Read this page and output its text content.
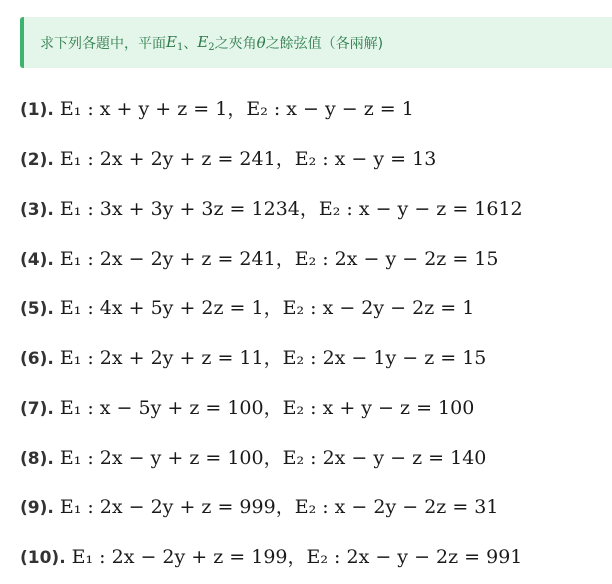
求下列各題中，平面 $E_1$ 、 $E_2$ 之夾角 θ 之餘弦值（各兩解)
(1). E₁ : x + y + z = 1，E₂ : x − y − z = 1
(2). E₁ : 2x + 2y + z = 241，E₂ : x − y = 13
(3). E₁ : 3x + 3y + 3z = 1234，E₂ : x − y − z = 1612
(4). E₁ : 2x − 2y + z = 241，E₂ : 2x − y − 2z = 15
(5). E₁ : 4x + 5y + 2z = 1，E₂ : x − 2y − 2z = 1
(6). E₁ : 2x + 2y + z = 11，E₂ : 2x − 1y − z = 15
(7). E₁ : x − 5y + z = 100，E₂ : x + y − z = 100
(8). E₁ : 2x − y + z = 100，E₂ : 2x − y − z = 140
(9). E₁ : 2x − 2y + z = 999，E₂ : x − 2y − 2z = 31
(10). E₁ : 2x − 2y + z = 199，E₂ : 2x − y − 2z = 991
